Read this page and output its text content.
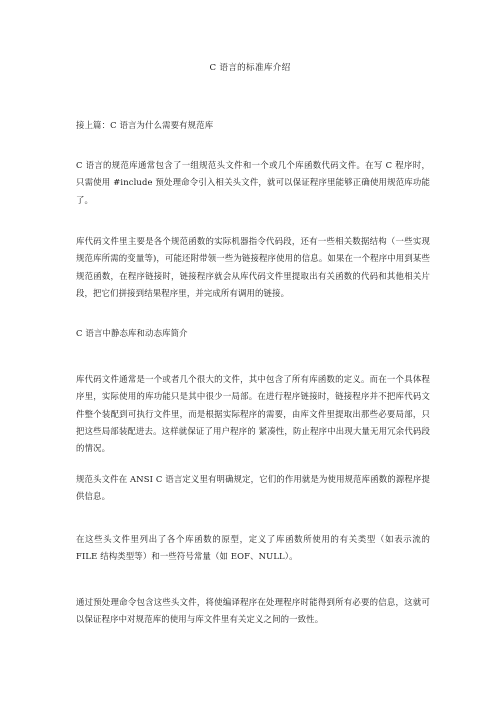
C 语言的标准库介绍

接上篇：C 语言为什么需要有规范库

C 语言的规范库通常包含了一组规范头文件和一个或几个库函数代码文件。在写 C 程序时，只需使用 #include 预处理命令引入相关头文件，就可以保证程序里能够正确使用规范库功能了。

库代码文件里主要是各个规范函数的实际机器指令代码段，还有一些相关数据结构（一些实现规范库所需的变量等)，可能还附带领一些为链接程序使用的信息。如果在一个程序中用到某些规范函数，在程序链接时，链接程序就会从库代码文件里提取出有关函数的代码和其他相关片段，把它们拼接到结果程序里，并完成所有调用的链接。

C 语言中静态库和动态库简介

库代码文件通常是一个或者几个很大的文件，其中包含了所有库函数的定义。而在一个具体程序里，实际使用的库功能只是其中很少一局部。在进行程序链接时，链接程序并不把库代码文件整个装配到可执行文件里，而是根据实际程序的需要，由库文件里提取出那些必要局部，只把这些局部装配进去。这样就保证了用户程序的 紧凑性，防止程序中出现大量无用冗余代码段的情况。

规范头文件在 ANSI C 语言定义里有明确规定，它们的作用就是为使用规范库函数的源程序提供信息。

在这些头文件里列出了各个库函数的原型，定义了库函数所使用的有关类型（如表示流的 FILE 结构类型等）和一些符号常量（如 EOF、NULL）。

通过预处理命令包含这些头文件，将使编译程序在处理程序时能得到所有必要的信息，这就可以保证程序中对规范库的使用与库文件里有关定义之间的一致性。
